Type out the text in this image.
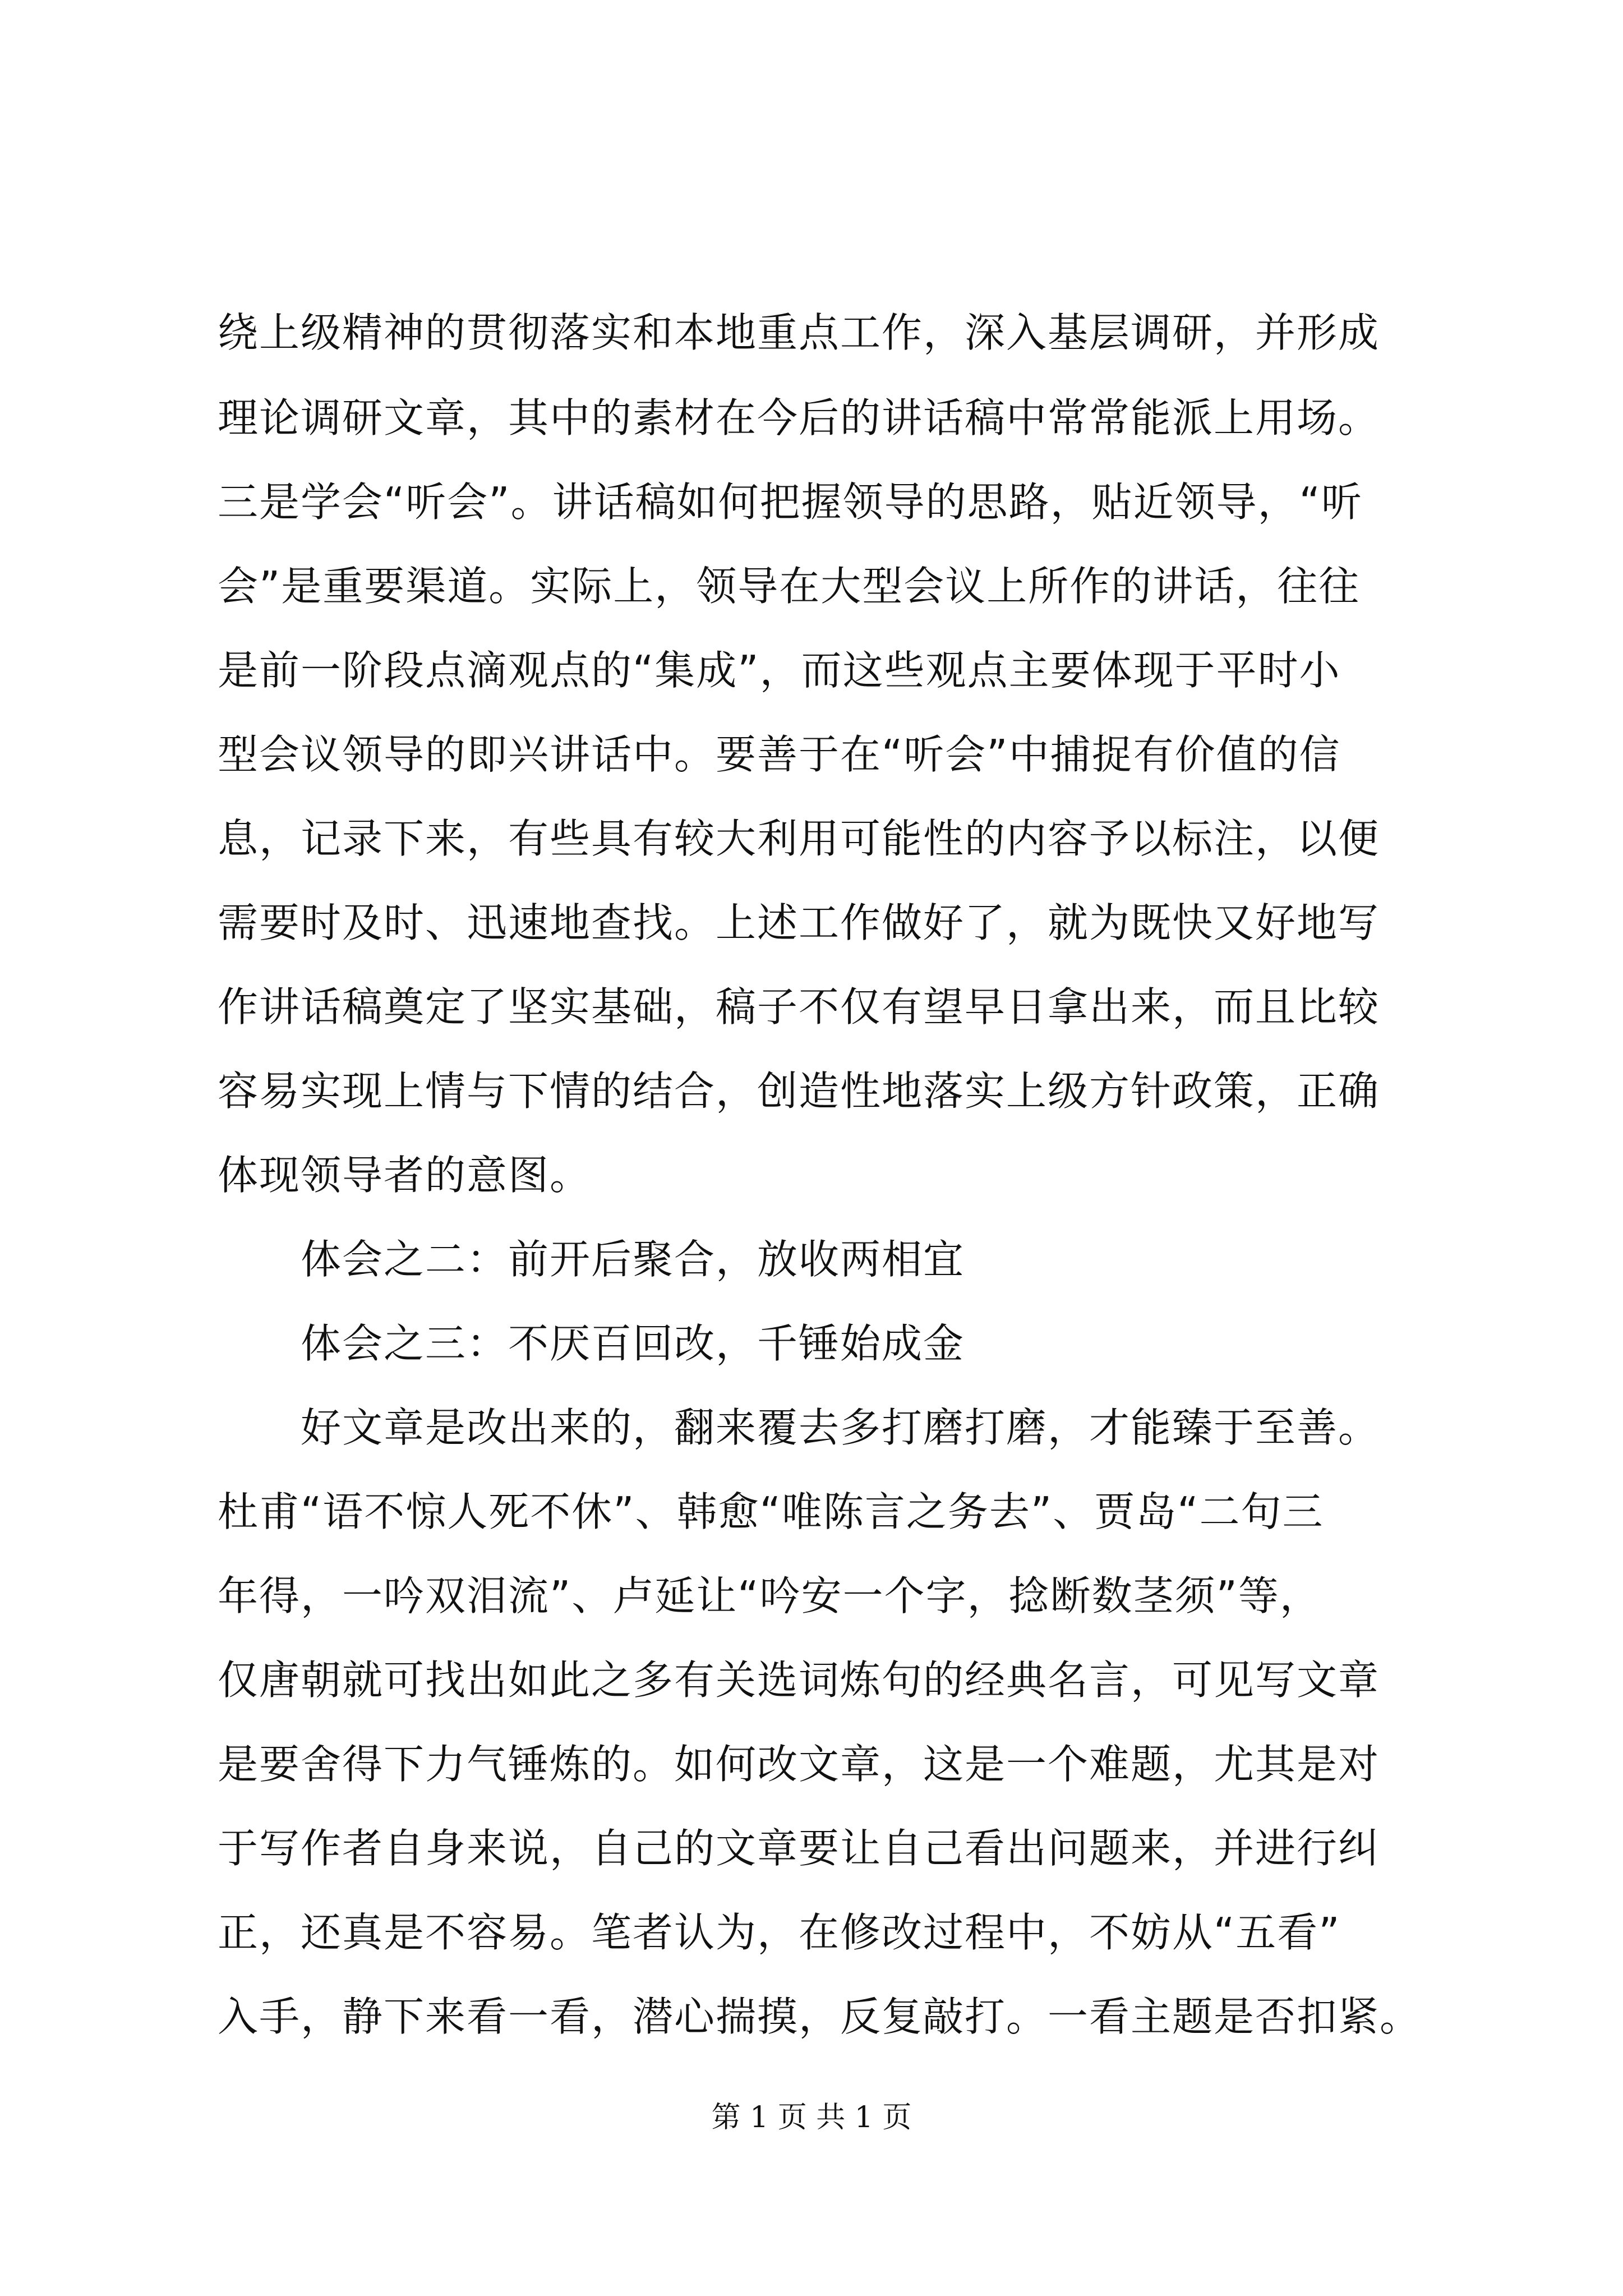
绕上级精神的贯彻落实和本地重点工作，深入基层调研，并形成
理论调研文章，其中的素材在今后的讲话稿中常常能派上用场。
三是学会“听会”。讲话稿如何把握领导的思路，贴近领导，“听
会”是重要渠道。实际上，领导在大型会议上所作的讲话，往往
是前一阶段点滴观点的“集成”，而这些观点主要体现于平时小
型会议领导的即兴讲话中。要善于在“听会”中捕捉有价值的信
息，记录下来，有些具有较大利用可能性的内容予以标注，以便
需要时及时、迅速地查找。上述工作做好了，就为既快又好地写
作讲话稿奠定了坚实基础，稿子不仅有望早日拿出来，而且比较
容易实现上情与下情的结合，创造性地落实上级方针政策，正确
体现领导者的意图。
体会之二：前开后聚合，放收两相宜
体会之三：不厌百回改，千锤始成金
好文章是改出来的，翻来覆去多打磨打磨，才能臻于至善。
杜甫“语不惊人死不休”、韩愈“唯陈言之务去”、贾岛“二句三
年得，一吟双泪流”、卢延让“吟安一个字，捻断数茎须”等，
仅唐朝就可找出如此之多有关选词炼句的经典名言，可见写文章
是要舍得下力气锤炼的。如何改文章，这是一个难题，尤其是对
于写作者自身来说，自己的文章要让自己看出问题来，并进行纠
正，还真是不容易。笔者认为，在修改过程中，不妨从“五看”
入手，静下来看一看，潜心揣摸，反复敲打。一看主题是否扣紧。
第 1 页 共 1 页
